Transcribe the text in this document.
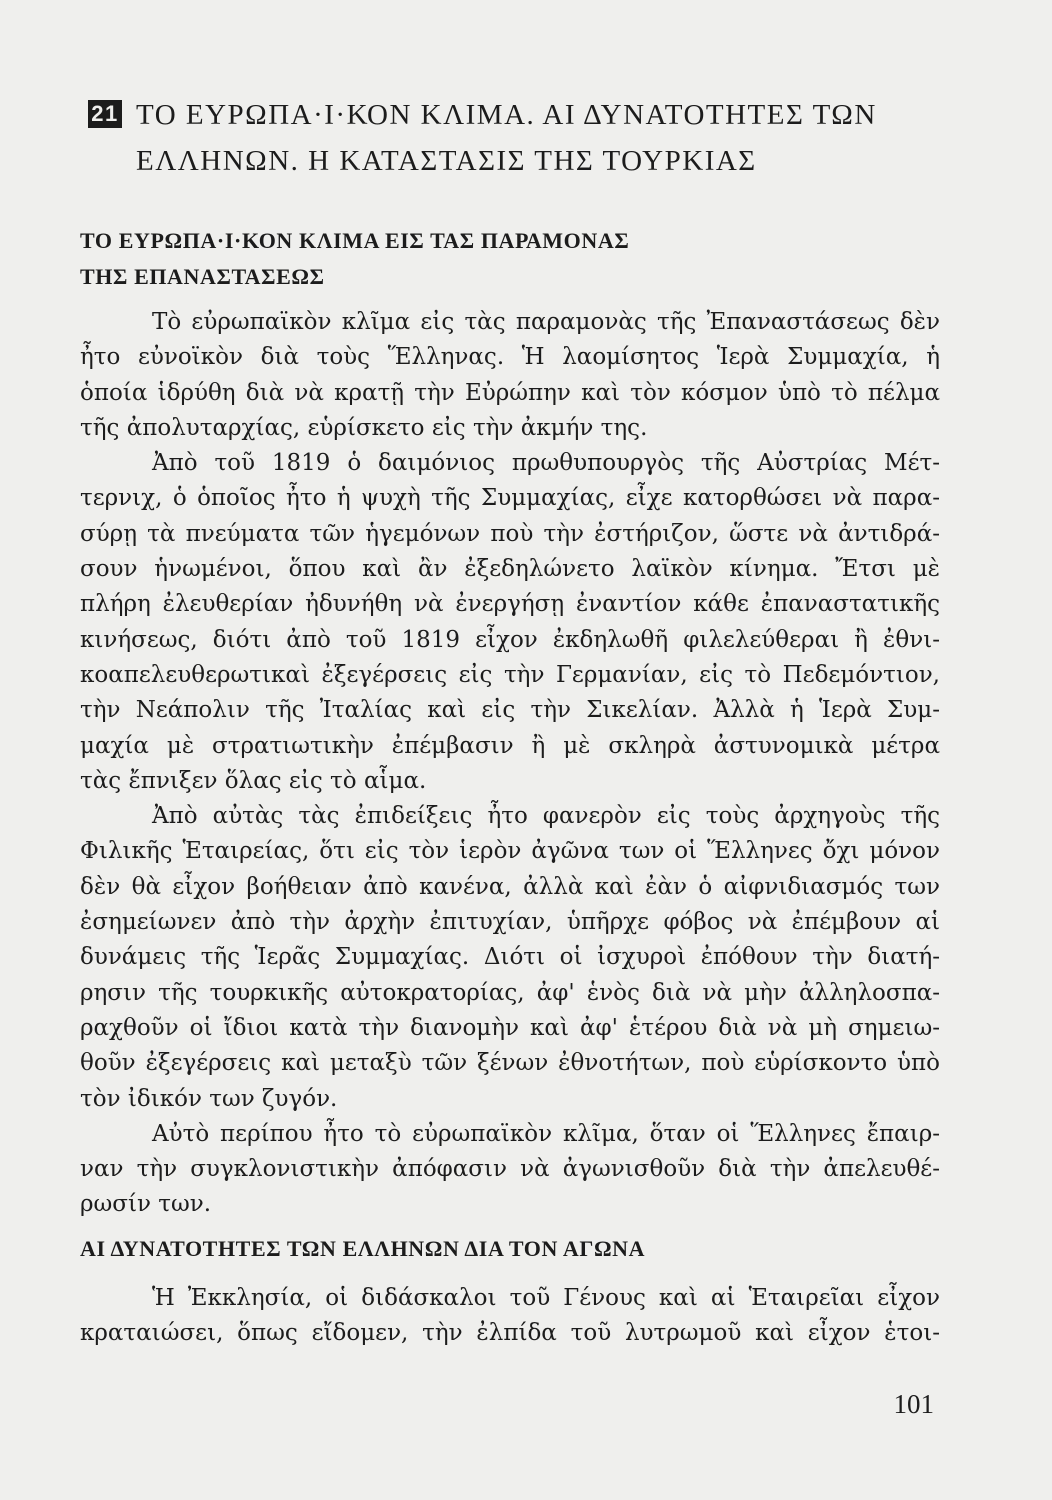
21 ΤΟ ΕΥΡΩΠΑ·Ι·ΚΟΝ ΚΛΙΜΑ. ΑΙ ΔΥΝΑΤΟΤΗΤΕΣ ΤΩΝ
ΕΛΛΗΝΩΝ. Η ΚΑΤΑΣΤΑΣΙΣ ΤΗΣ ΤΟΥΡΚΙΑΣ
ΤΟ ΕΥΡΩΠΑ·Ι·ΚΟΝ ΚΛΙΜΑ ΕΙΣ ΤΑΣ ΠΑΡΑΜΟΝΑΣ
ΤΗΣ ΕΠΑΝΑΣΤΑΣΕΩΣ
Τὸ εὐρωπαϊκὸν κλῖμα εἰς τὰς παραμονὰς τῆς Ἐπαναστάσεως δὲν
ἦτο εὐνοϊκὸν διὰ τοὺς Ἕλληνας. Ἡ λαομίσητος Ἱερὰ Συμμαχία, ἡ
ὁποία ἱδρύθη διὰ νὰ κρατῇ τὴν Εὐρώπην καὶ τὸν κόσμον ὑπὸ τὸ πέλμα
τῆς ἀπολυταρχίας, εὑρίσκετο εἰς τὴν ἀκμήν της.
Ἀπὸ τοῦ 1819 ὁ δαιμόνιος πρωθυπουργὸς τῆς Αὐστρίας Μέτ-
τερνιχ, ὁ ὁποῖος ἦτο ἡ ψυχὴ τῆς Συμμαχίας, εἶχε κατορθώσει νὰ παρα-
σύρῃ τὰ πνεύματα τῶν ἡγεμόνων ποὺ τὴν ἐστήριζον, ὥστε νὰ ἀντιδρά-
σουν ἡνωμένοι, ὅπου καὶ ἂν ἐξεδηλώνετο λαϊκὸν κίνημα. Ἔτσι μὲ
πλήρη ἐλευθερίαν ἠδυνήθη νὰ ἐνεργήσῃ ἐναντίον κάθε ἐπαναστατικῆς
κινήσεως, διότι ἀπὸ τοῦ 1819 εἶχον ἐκδηλωθῆ φιλελεύθεραι ἢ ἐθνι-
κοαπελευθερωτικαὶ ἐξεγέρσεις εἰς τὴν Γερμανίαν, εἰς τὸ Πεδεμόντιον,
τὴν Νεάπολιν τῆς Ἰταλίας καὶ εἰς τὴν Σικελίαν. Ἀλλὰ ἡ Ἱερὰ Συμ-
μαχία μὲ στρατιωτικὴν ἐπέμβασιν ἢ μὲ σκληρὰ ἀστυνομικὰ μέτρα
τὰς ἔπνιξεν ὅλας εἰς τὸ αἷμα.
Ἀπὸ αὐτὰς τὰς ἐπιδείξεις ἦτο φανερὸν εἰς τοὺς ἀρχηγοὺς τῆς
Φιλικῆς Ἑταιρείας, ὅτι εἰς τὸν ἱερὸν ἀγῶνα των οἱ Ἕλληνες ὄχι μόνον
δὲν θὰ εἶχον βοήθειαν ἀπὸ κανένα, ἀλλὰ καὶ ἐὰν ὁ αἰφνιδιασμός των
ἐσημείωνεν ἀπὸ τὴν ἀρχὴν ἐπιτυχίαν, ὑπῆρχε φόβος νὰ ἐπέμβουν αἱ
δυνάμεις τῆς Ἱερᾶς Συμμαχίας. Διότι οἱ ἰσχυροὶ ἐπόθουν τὴν διατή-
ρησιν τῆς τουρκικῆς αὐτοκρατορίας, ἀφ' ἑνὸς διὰ νὰ μὴν ἀλληλοσπα-
ραχθοῦν οἱ ἴδιοι κατὰ τὴν διανομὴν καὶ ἀφ' ἑτέρου διὰ νὰ μὴ σημειω-
θοῦν ἐξεγέρσεις καὶ μεταξὺ τῶν ξένων ἐθνοτήτων, ποὺ εὑρίσκοντο ὑπὸ
τὸν ἰδικόν των ζυγόν.
Αὐτὸ περίπου ἦτο τὸ εὐρωπαϊκὸν κλῖμα, ὅταν οἱ Ἕλληνες ἔπαιρ-
ναν τὴν συγκλονιστικὴν ἀπόφασιν νὰ ἀγωνισθοῦν διὰ τὴν ἀπελευθέ-
ρωσίν των.
ΑΙ ΔΥΝΑΤΟΤΗΤΕΣ ΤΩΝ ΕΛΛΗΝΩΝ ΔΙΑ ΤΟΝ ΑΓΩΝΑ
Ἡ Ἐκκλησία, οἱ διδάσκαλοι τοῦ Γένους καὶ αἱ Ἑταιρεῖαι εἶχον
κραταιώσει, ὅπως εἴδομεν, τὴν ἐλπίδα τοῦ λυτρωμοῦ καὶ εἶχον ἑτοι-
101
